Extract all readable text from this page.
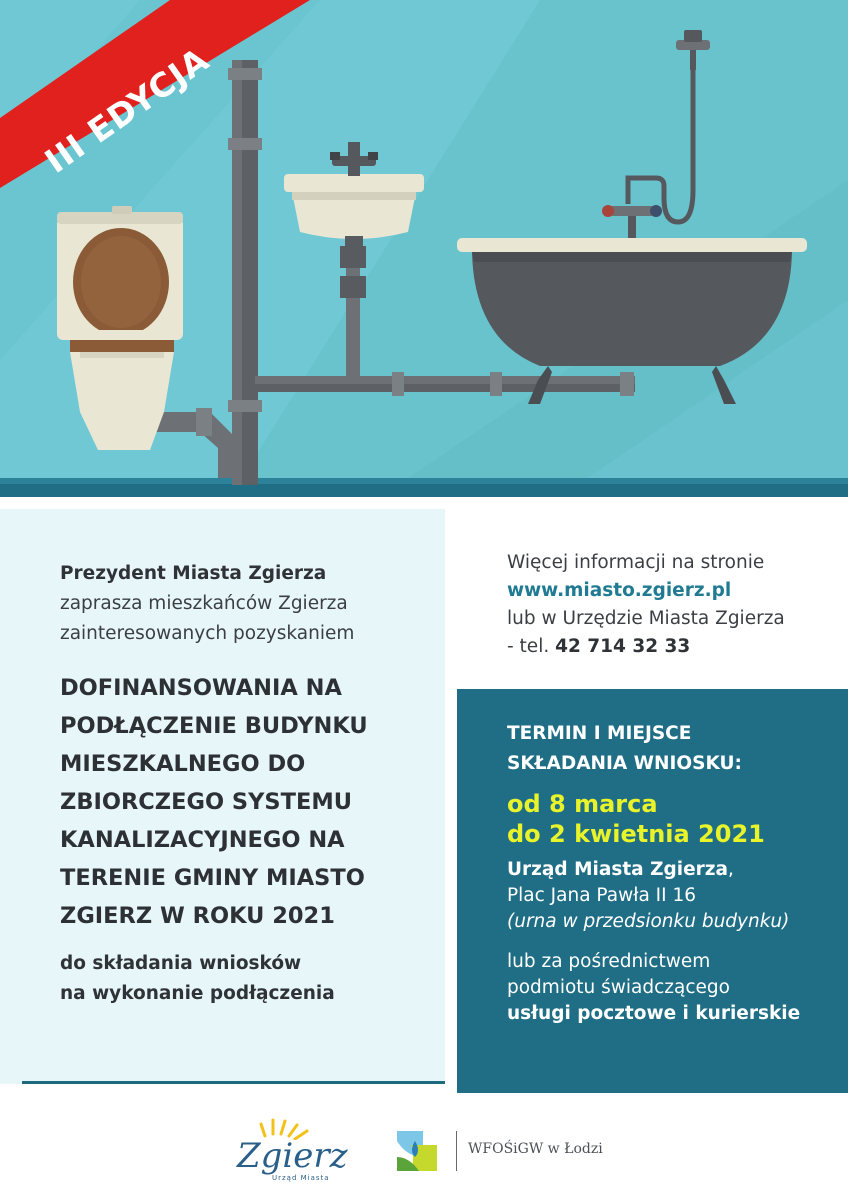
III EDYCJA
Prezydent Miasta Zgierza
zaprasza mieszkańców Zgierza
zainteresowanych pozyskaniem
DOFINANSOWANIA NA
PODŁĄCZENIE BUDYNKU
MIESZKALNEGO DO
ZBIORCZEGO SYSTEMU
KANALIZACYJNEGO NA
TERENIE GMINY MIASTO
ZGIERZ W ROKU 2021
do składania wniosków
na wykonanie podłączenia
Więcej informacji na stronie
www.miasto.zgierz.pl
lub w Urzędzie Miasta Zgierza
- tel. 42 714 32 33
TERMIN I MIEJSCE
SKŁADANIA WNIOSKU:
od 8 marca
do 2 kwietnia 2021
Urząd Miasta Zgierza,
Plac Jana Pawła II 16
(urna w przedsionku budynku)
lub za pośrednictwem
podmiotu świadczącego
usługi pocztowe i kurierskie
Zgierz
Urząd Miasta
WFOŚiGW w Łodzi
